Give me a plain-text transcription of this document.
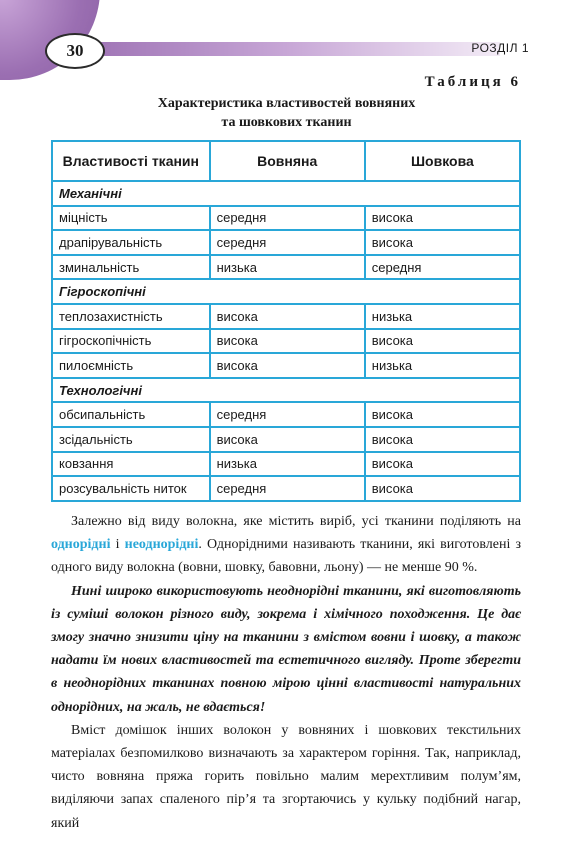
30	РОЗДІЛ 1
Таблиця 6
Характеристика властивостей вовняних
та шовкових тканин
Властивості тканин	Вовняна	Шовкова
Механічні		
міцність	середня	висока
драпірувальність	середня	висока
зминальність	низька	середня
Гігроскопічні		
теплозахистність	висока	низька
гігроскопічність	висока	висока
пилоємність	висока	низька
Технологічні		
обсипальність	середня	висока
зсідальність	висока	висока
ковзання	низька	висока
розсувальність ниток	середня	висока

Залежно від виду волокна, яке містить виріб, усі тканини поділяють на однорідні і неоднорідні. Однорідними називають тканини, які виготовлені з одного виду волокна (вовни, шовку, бавовни, льону) — не менше 90 %.

Нині широко використовують неоднорідні тканини, які виготовляють із суміші волокон різного виду, зокрема і хімічного походження. Це дає змогу значно знизити ціну на тканини з вмістом вовни і шовку, а також надати їм нових властивостей та естетичного вигляду. Проте зберегти в неоднорідних тканинах повною мірою цінні властивості натуральних однорідних, на жаль, не вдається!

Вміст домішок інших волокон у вовняних і шовкових текстильних матеріалах безпомилково визначають за характером горіння. Так, наприклад, чисто вовняна пряжа горить повільно малим мерехтливим полум’ям, виділяючи запах спаленого пір’я та згортаючись у кульку подібний нагар, який
